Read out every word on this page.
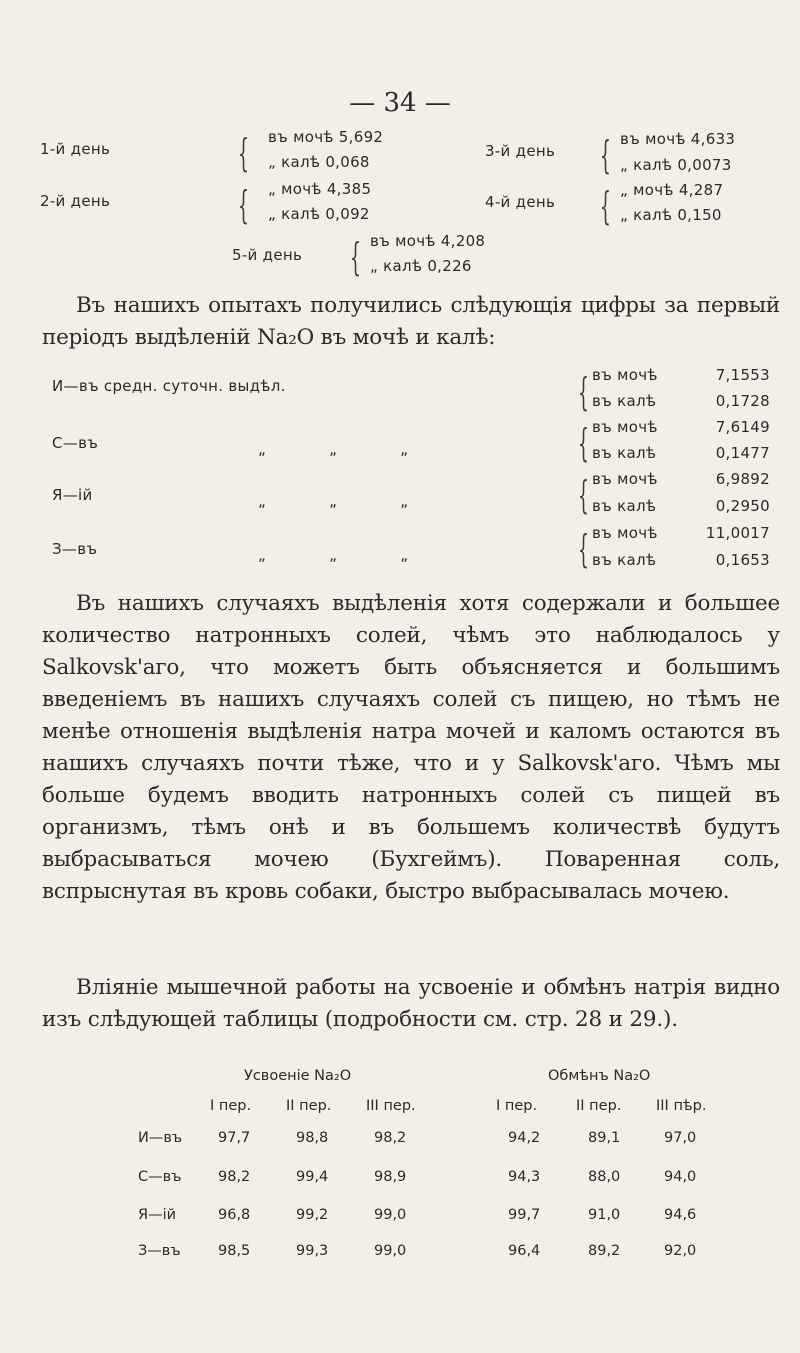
— 34 —
1-й день	{ въ мочѣ 5,692
„ калѣ 0,068
2-й день	{ „ мочѣ 4,385
„ калѣ 0,092
3-й день { въ мочѣ 4,633
„ калѣ 0,0073
4-й день { „ мочѣ 4,287
„ калѣ 0,150
5-й день { въ мочѣ 4,208
„ калѣ 0,226
Въ нашихъ опытахъ получились слѣдующія цифры за первый періодъ выдѣленій Na₂O въ мочѣ и калѣ:
И—въ средн. суточн. выдѣл.	{ въ мочѣ	7,1553
въ калѣ	0,1728
С—въ	„ „ „	{ въ мочѣ	7,6149
въ калѣ	0,1477
Я—ій	„ „ „	{ въ мочѣ	6,9892
въ калѣ	0,2950
З—въ	„ „ „	{ въ мочѣ	11,0017
въ калѣ	0,1653
Въ нашихъ случаяхъ выдѣленія хотя содержали и большее количество натронныхъ солей, чѣмъ это наблюдалось у Salkovsk'аго, что можетъ быть объясняется и большимъ введеніемъ въ нашихъ случаяхъ солей съ пищею, но тѣмъ не менѣе отношенія выдѣленія натра мочей и каломъ остаются въ нашихъ случаяхъ почти тѣже, что и у Salkovsk'аго. Чѣмъ мы больше будемъ вводить натронныхъ солей съ пищей въ организмъ, тѣмъ онѣ и въ большемъ количествѣ будутъ выбрасываться мочею (Бухгеймъ). Поваренная соль, вспрыснутая въ кровь собаки, быстро выбрасывалась мочею.
Вліяніе мышечной работы на усвоеніе и обмѣнъ натрія видно изъ слѣдующей таблицы (подробности см. стр. 28 и 29.).
Усвоеніе Na₂O	Обмѣнъ Na₂O
I пер. II пер. III пер.	I пер.	II пер. III пѣр.
И—въ 97,7	98,8	98,2	94,2	89,1	97,0
С—въ	98,2	99,4	98,9	94,3	88,0	94,0
Я—ій	96,8	99,2	99,0	99,7	91,0	94,6
З—въ	98,5	99,3	99,0	96,4	89,2	92,0
